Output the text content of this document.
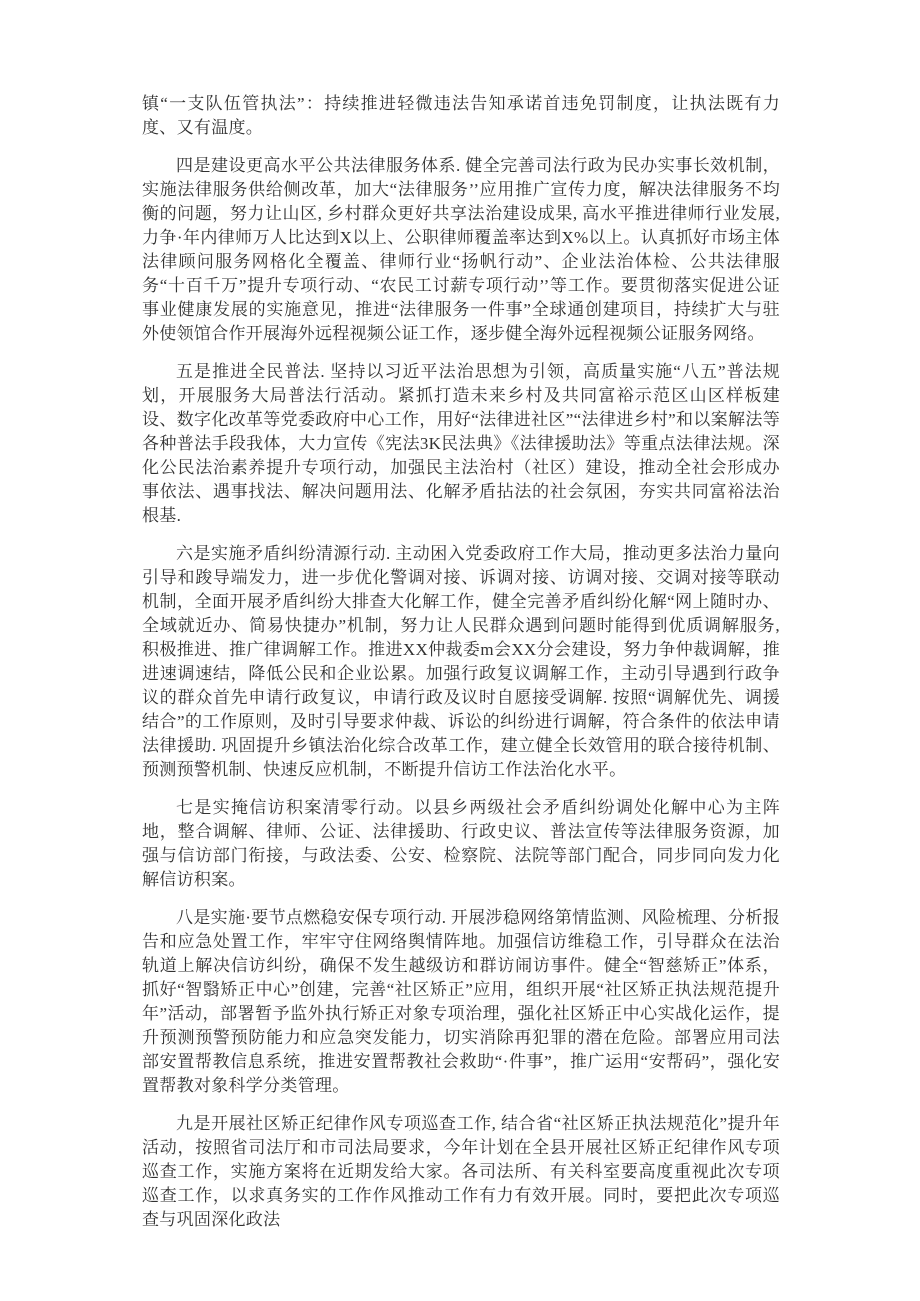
镇“一支队伍管执法”：持续推进轻微违法告知承诺首违免罚制度，让执法既有力度、又有温度。

四是建设更高水平公共法律服务体系. 健全完善司法行政为民办实事长效机制，实施法律服务供给侧改革，加大“法律服务’’应用推广宣传力度，解决法律服务不均衡的问题，努力让山区, 乡村群众更好共享法治建设成果, 高水平推进律师行业发展, 力争·年内律师万人比达到X以上、公职律师覆盖率达到X%以上。认真抓好市场主体法律顾问服务网格化全覆盖、律师行业“扬帆行动”、企业法治体检、公共法律服务“十百千万”提升专项行动、“农民工讨薪专项行动’’等工作。要贯彻落实促进公证事业健康发展的实施意见，推进“法律服务一件事”全球通创建项目，持续扩大与驻外使领馆合作开展海外远程视频公证工作，逐步健全海外远程视频公证服务网络。

五是推进全民普法. 坚持以习近平法治思想为引领，高质量实施“八五”普法规划，开展服务大局普法行活动。紧抓打造未来乡村及共同富裕示范区山区样板建设、数字化改革等党委政府中心工作，用好“法律进社区”“法律进乡村”和以案解法等各种普法手段我体，大力宣传《宪法3K民法典》《法律援助法》等重点法律法规。深化公民法治素养提升专项行动，加强民主法治村（社区）建设，推动全社会形成办事依法、遇事找法、解决问题用法、化解矛盾拈法的社会氛困，夯实共同富裕法治根基.

六是实施矛盾纠纷清源行动. 主动困入党委政府工作大局，推动更多法治力量向引导和踆导端发力，进一步优化警调对接、诉调对接、访调对接、交调对接等联动机制，全面开展矛盾纠纷大排查大化解工作，健全完善矛盾纠纷化解“网上随时办、全域就近办、简易快捷办”机制，努力让人民群众遇到问题时能得到优质调解服务, 积极推进、推广律调解工作。推进XX仲裁委m会XX分会建设，努力争仲裁调解，推进速调速结，降低公民和企业讼累。加强行政复议调解工作，主动引导遇到行政争议的群众首先申请行政复议，申请行政及议时自愿接受调解. 按照“调解优先、调援结合”的工作原则，及时引导要求仲裁、诉讼的纠纷进行调解，符合条件的依法申请法律援助. 巩固提升乡镇法治化综合改革工作，建立健全长效管用的联合接待机制、预测预警机制、快速反应机制，不断提升信访工作法治化水平。

七是实掩信访积案清零行动。以县乡两级社会矛盾纠纷调处化解中心为主阵地，整合调解、律师、公证、法律援助、行政史议、普法宣传等法律服务资源，加强与信访部门衔接，与政法委、公安、检察院、法院等部门配合，同步同向发力化解信访积案。

八是实施·要节点燃稳安保专项行动. 开展涉稳网络第情监测、风险梳理、分析报告和应急处置工作，牢牢守住网络舆情阵地。加强信访维稳工作，引导群众在法治轨道上解决信访纠纷，确保不发生越级访和群访闹访事件。健全“智慈矫正”体系，抓好“智翳矫正中心”创建，完善“社区矫正”应用，组织开展“社区矫正执法规范提升年”活动，部署暂予监外执行矫正对象专项治理，强化社区矫正中心实战化运作，提升预测预警预防能力和应急突发能力，切实消除再犯罪的潜在危险。部署应用司法部安置帮教信息系统，推进安置帮教社会救助“·件事”，推广运用“安帮码”，强化安置帮教对象科学分类管理。

九是开展社区矫正纪律作风专项巡查工作, 结合省“社区矫正执法规范化”提升年活动，按照省司法厅和市司法局要求，今年计划在全县开展社区矫正纪律作风专项巡查工作，实施方案将在近期发给大家。各司法所、有关科室要高度重视此次专项巡查工作，以求真务实的工作作风推动工作有力有效开展。同时，要把此次专项巡查与巩固深化政法
